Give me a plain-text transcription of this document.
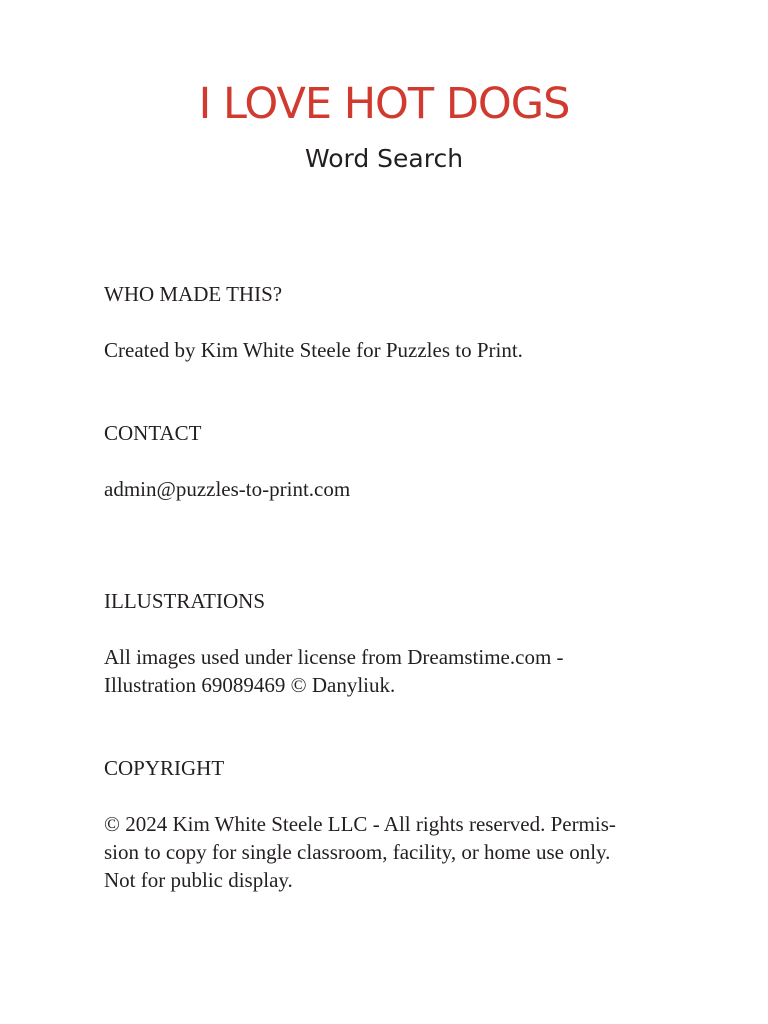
I LOVE HOT DOGS
Word Search
WHO MADE THIS?
Created by Kim White Steele for Puzzles to Print.
CONTACT
admin@puzzles-to-print.com
ILLUSTRATIONS
All images used under license from Dreamstime.com -
Illustration 69089469 © Danyliuk.
COPYRIGHT
© 2024 Kim White Steele LLC - All rights reserved. Permis-
sion to copy for single classroom, facility, or home use only.
Not for public display.
